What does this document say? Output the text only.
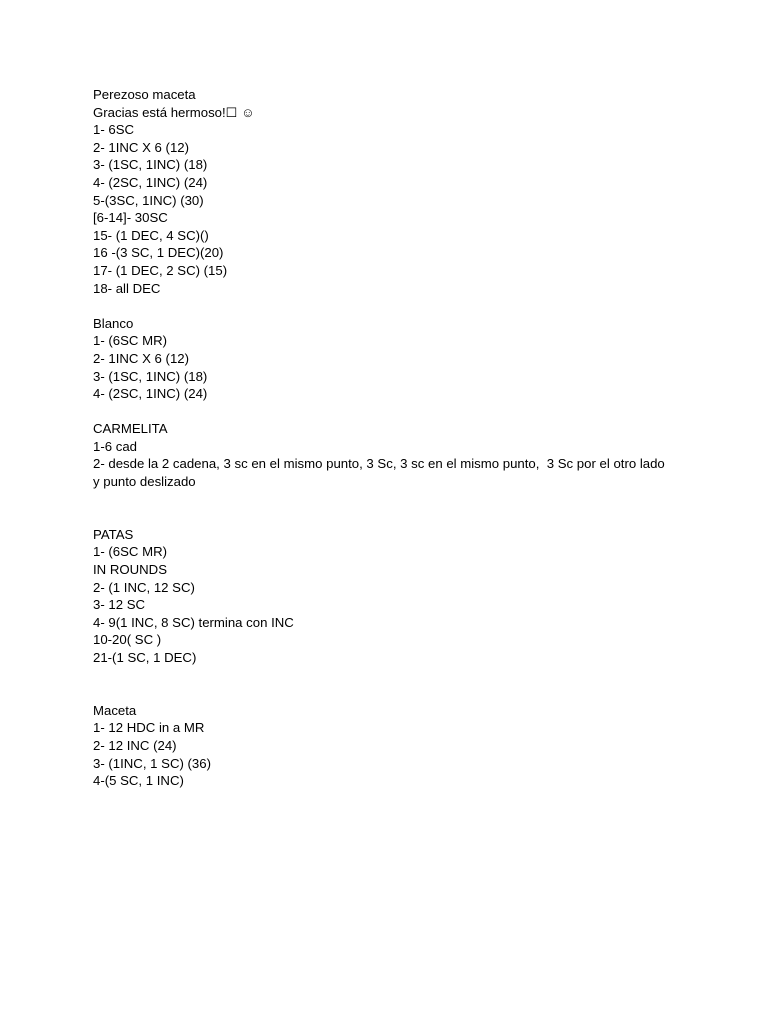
Perezoso maceta
Gracias está hermoso!☐ ☺
1- 6SC
2- 1INC X 6 (12)
3- (1SC, 1INC) (18)
4- (2SC, 1INC) (24)
5-(3SC, 1INC) (30)
[6-14]- 30SC
15- (1 DEC, 4 SC)()
16 -(3 SC, 1 DEC)(20)
17- (1 DEC, 2 SC) (15)
18- all DEC
Blanco
1- (6SC MR)
2- 1INC X 6 (12)
3- (1SC, 1INC) (18)
4- (2SC, 1INC) (24)
CARMELITA
1-6 cad
2- desde la 2 cadena, 3 sc en el mismo punto, 3 Sc, 3 sc en el mismo punto,  3 Sc por el otro lado y punto deslizado
PATAS
1- (6SC MR)
IN ROUNDS
2- (1 INC, 12 SC)
3- 12 SC
4- 9(1 INC, 8 SC) termina con INC
10-20( SC )
21-(1 SC, 1 DEC)
Maceta
1- 12 HDC in a MR
2- 12 INC (24)
3- (1INC, 1 SC) (36)
4-(5 SC, 1 INC)
